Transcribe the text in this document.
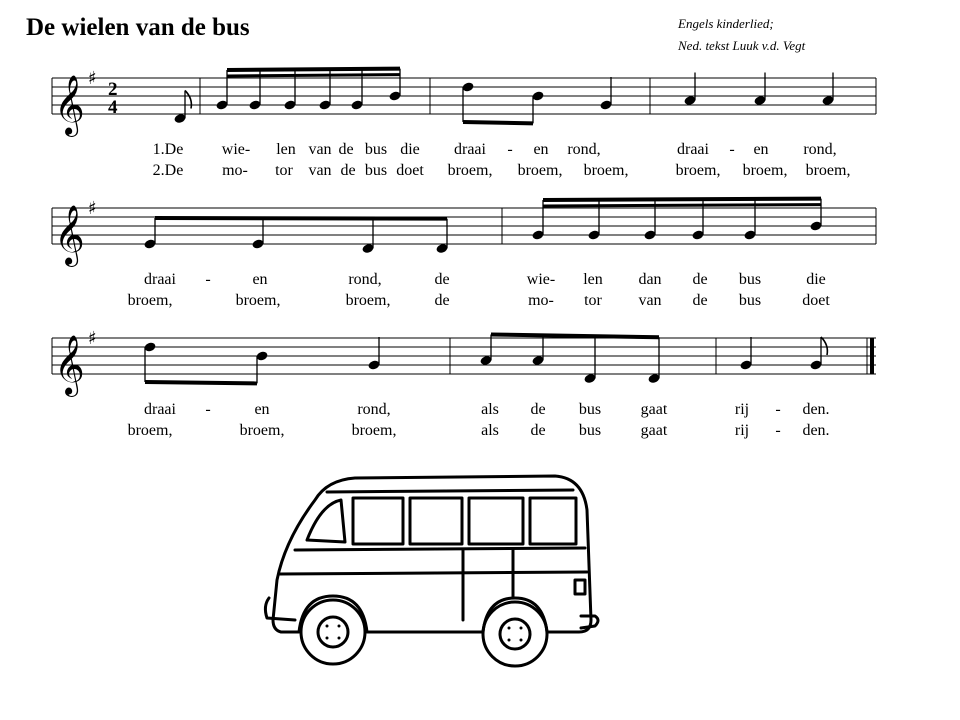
De wielen van de bus	Engels kinderlied;
Ned. tekst Luuk v.d. Vegt
𝄞 ♯
2
4
1.De wie- len van de bus die draai - en rond,	draai - en rond,
2.De mo- tor van de bus doet broem, broem, broem,	broem, broem, broem,
𝄞 ♯
draai -	en	rond,	de	wie- len dan de bus	die
broem,	broem,	broem,	de	mo- tor van de bus	doet
𝄞 ♯
draai -	en	rond,	als de bus gaat	rij - den.
broem,	broem,	broem,	als de bus gaat	rij - den.
